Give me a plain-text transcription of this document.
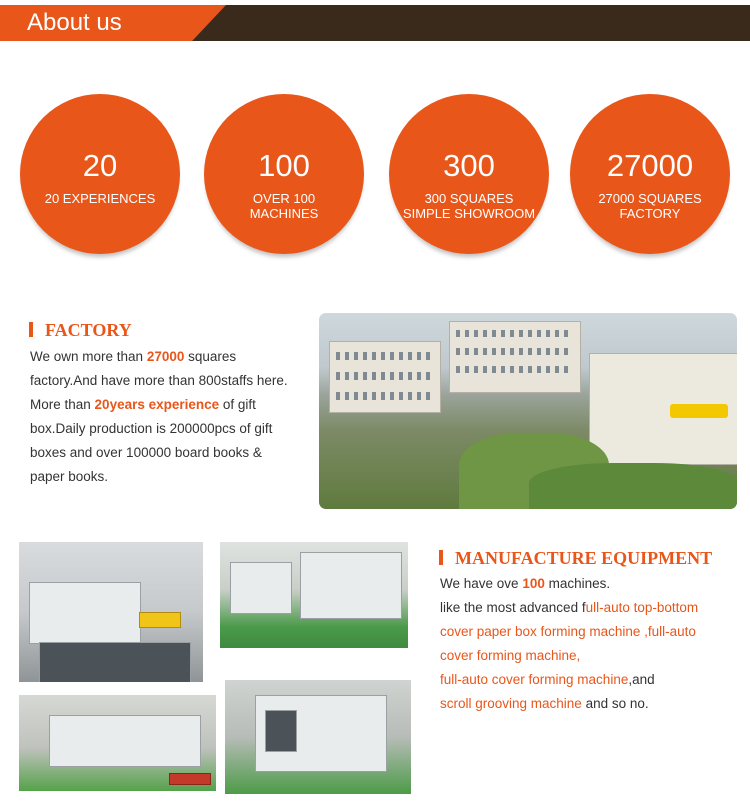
About us
20
20 EXPERIENCES
100
OVER 100
MACHINES
300
300 SQUARES
SIMPLE SHOWROOM
27000
27000 SQUARES
FACTORY
FACTORY
We own more than 27000 squares factory.And have more than 800staffs here.
More than 20years experience of gift box.Daily production is 200000pcs of gift boxes and over 100000 board books & paper books.
MANUFACTURE EQUIPMENT
We have ove 100 machines.
like the most advanced full-auto top-bottom cover paper box forming machine ,full-auto cover forming machine,
full-auto cover forming machine,and
scroll grooving machine and so no.
